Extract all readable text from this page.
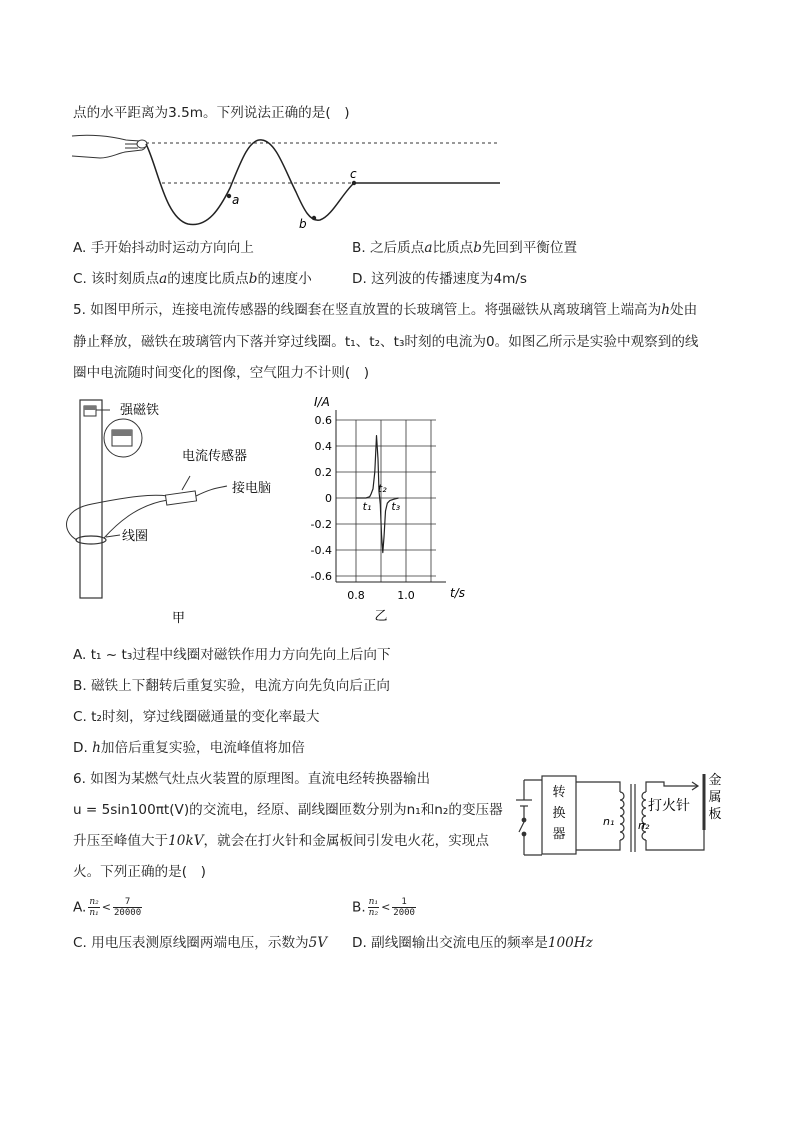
点的水平距离为3.5m。下列说法正确的是(　)
a
b
c
A. 手开始抖动时运动方向向上	B. 之后质点a比质点b先回到平衡位置
C. 该时刻质点a的速度比质点b的速度小	D. 这列波的传播速度为4m/s
5. 如图甲所示，连接电流传感器的线圈套在竖直放置的长玻璃管上。将强磁铁从离玻璃管上端高为h处由
静止释放，磁铁在玻璃管内下落并穿过线圈。t₁、t₂、t₃时刻的电流为0。如图乙所示是实验中观察到的线
圈中电流随时间变化的图像，空气阻力不计则(　)
强磁铁
线圈
电流传感器
接电脑
甲
0.6
0.4
0.2
0
-0.2
-0.4
-0.6
0.8	1.0
I/A
t/s
t₁
t₂
t₃
乙
A. t₁ ~ t₃过程中线圈对磁铁作用力方向先向上后向下
B. 磁铁上下翻转后重复实验，电流方向先负向后正向
C. t₂时刻，穿过线圈磁通量的变化率最大
D. h加倍后重复实验，电流峰值将加倍
6. 如图为某燃气灶点火装置的原理图。直流电经转换器输出
u = 5sin100πt(V)的交流电，经原、副线圈匝数分别为n₁和n₂的变压器
升压至峰值大于10kV，就会在打火针和金属板间引发电火花，实现点
火。下列正确的是(　)
转
换
器
n₁ n₂
打火针
金
属
板
A. $\frac{\text{n₂}}{\text{n₁}} < \frac{7}{20000}$	B. $\frac{\text{n₁}}{\text{n₂}} < \frac{1}{2000}$
C. 用电压表测原线圈两端电压，示数为5V D. 副线圈输出交流电压的频率是100Hz
